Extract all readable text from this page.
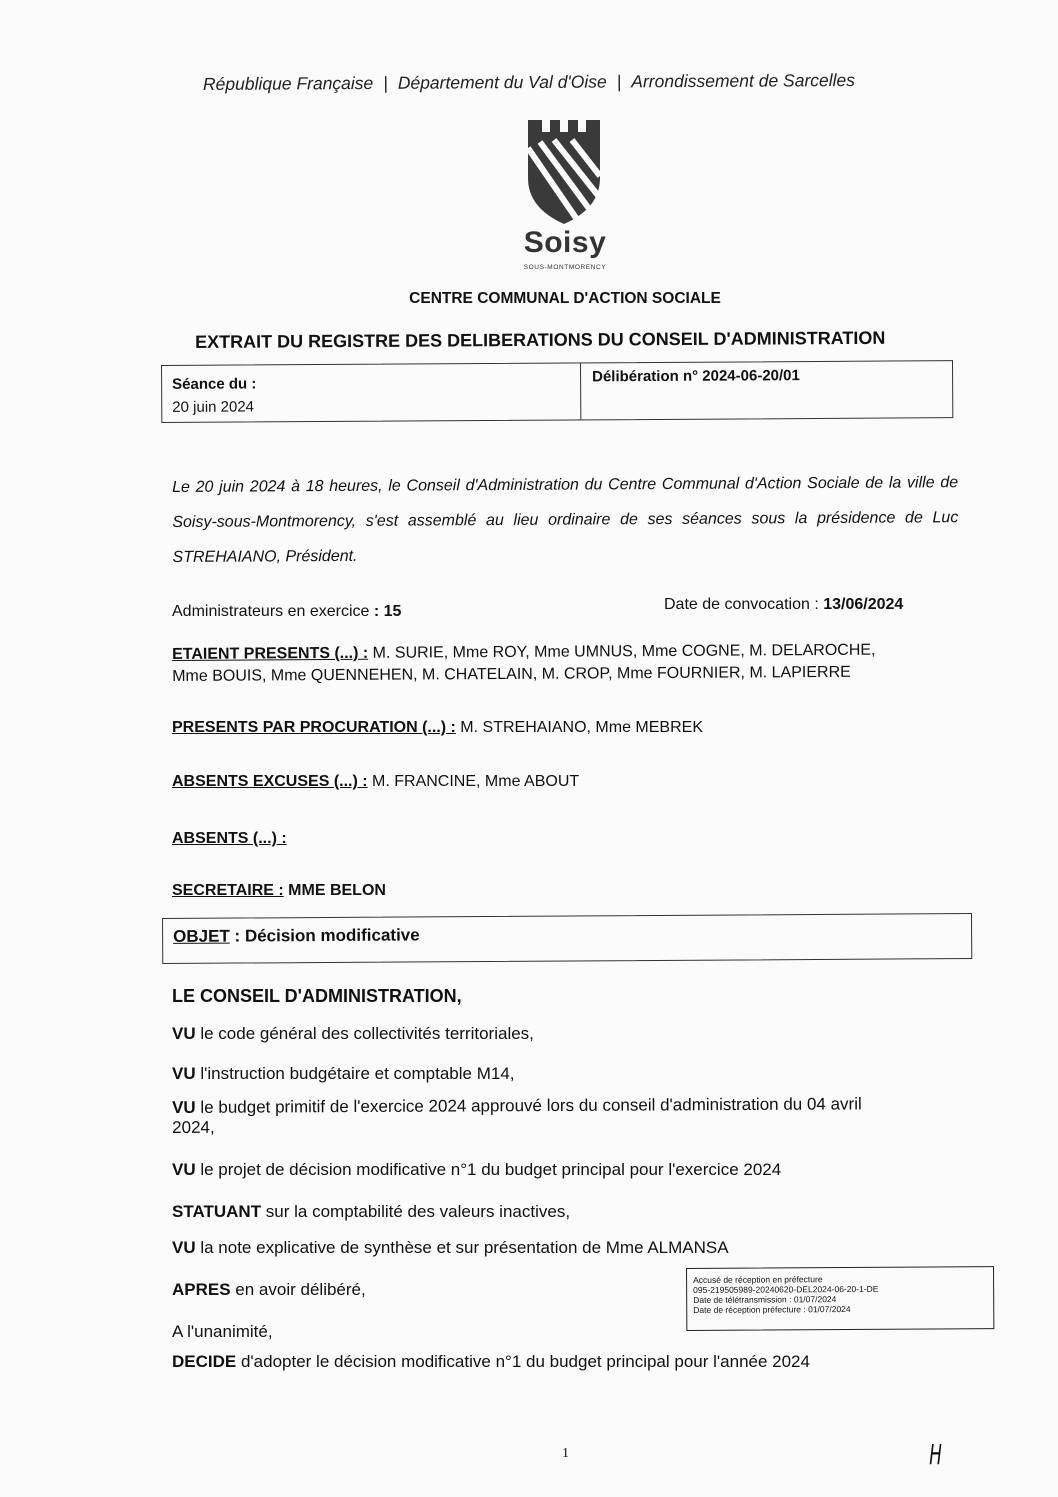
République Française | Département du Val d'Oise | Arrondissement de Sarcelles
Soisy
SOUS-MONTMORENCY
CENTRE COMMUNAL D'ACTION SOCIALE
EXTRAIT DU REGISTRE DES DELIBERATIONS DU CONSEIL D'ADMINISTRATION
Séance du :
20 juin 2024
Délibération n° 2024-06-20/01
Le 20 juin 2024 à 18 heures, le Conseil d'Administration du Centre Communal d'Action Sociale de la ville de Soisy-sous-Montmorency, s'est assemblé au lieu ordinaire de ses séances sous la présidence de Luc STREHAIANO, Président.
Administrateurs en exercice : 15	Date de convocation : 13/06/2024
ETAIENT PRESENTS (...) : M. SURIE, Mme ROY, Mme UMNUS, Mme COGNE, M. DELAROCHE,
Mme BOUIS, Mme QUENNEHEN, M. CHATELAIN, M. CROP, Mme FOURNIER, M. LAPIERRE
PRESENTS PAR PROCURATION (...) : M. STREHAIANO, Mme MEBREK
ABSENTS EXCUSES (...) : M. FRANCINE, Mme ABOUT
ABSENTS (...) :
SECRETAIRE : MME BELON
OBJET : Décision modificative
LE CONSEIL D'ADMINISTRATION,
VU le code général des collectivités territoriales,
VU l'instruction budgétaire et comptable M14,
VU le budget primitif de l'exercice 2024 approuvé lors du conseil d'administration du 04 avril
2024,
VU le projet de décision modificative n°1 du budget principal pour l'exercice 2024
STATUANT sur la comptabilité des valeurs inactives,
VU la note explicative de synthèse et sur présentation de Mme ALMANSA
APRES en avoir délibéré,
Accusé de réception en préfecture
095-219505989-20240620-DEL2024-06-20-1-DE
Date de télétransmission : 01/07/2024
Date de réception préfecture : 01/07/2024
A l'unanimité,
DECIDE d'adopter le décision modificative n°1 du budget principal pour l'année 2024
1	H
